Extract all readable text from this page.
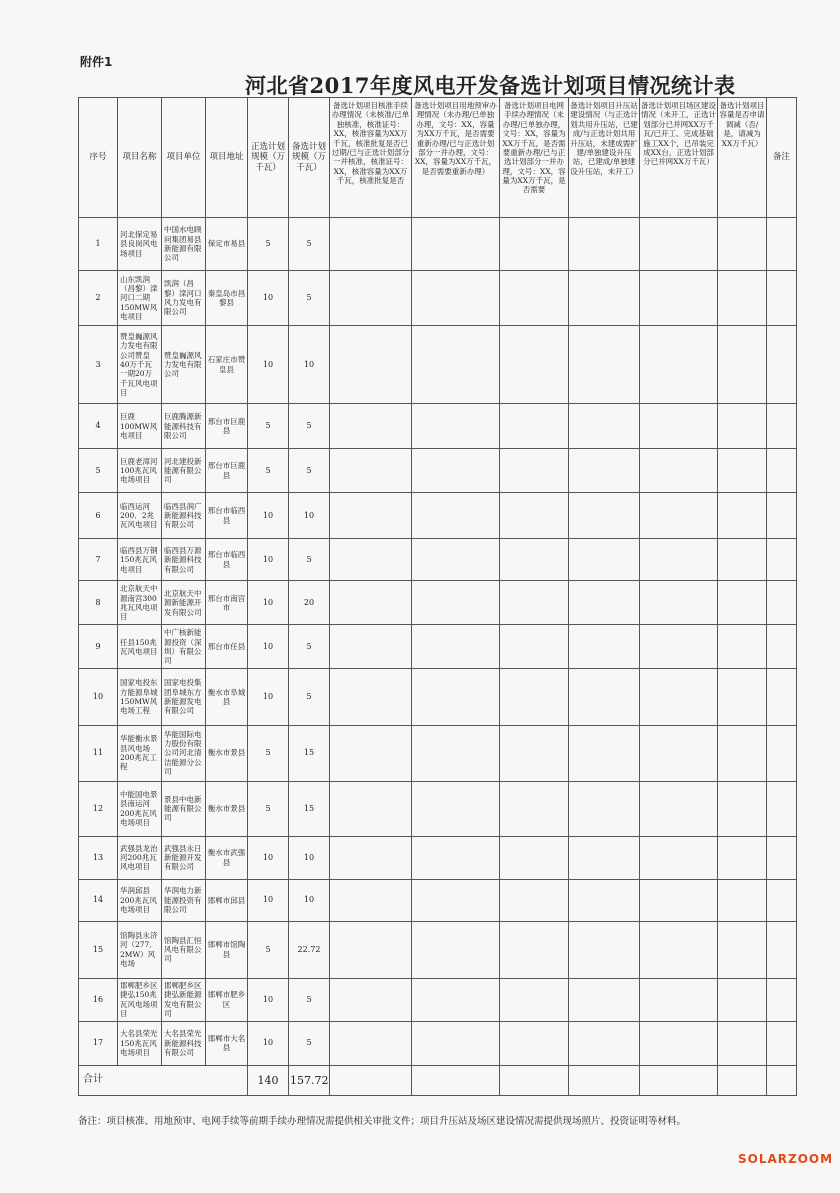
附件1
河北省2017年度风电开发备选计划项目情况统计表
序号	项目名称	项目单位	项目地址	正选计划规模（万千瓦）	备选计划规模（万千瓦）	备选计划项目核准手续办理情况（未核准/已单独核准，核准证号：XX，核准容量为XX万千瓦，核准批复是否已过期/已与正选计划部分一并核准，核准证号：XX，核准容量为XX万千瓦，核准批复是否	备选计划项目用地预审办理情况（未办理/已单独办理，文号：XX，容量为XX万千瓦，是否需要重新办理/已与正选计划部分一并办理，文号：XX，容量为XX万千瓦，是否需要重新办理）	备选计划项目电网手续办理情况（未办理/已单独办理，文号：XX，容量为XX万千瓦，是否需要重新办理/已与正选计划部分一并办理，文号：XX，容量为XX万千瓦，是否需要	备选计划项目升压站建设情况（与正选计划共用升压站，已建成/与正选计划共用升压站，未建成需扩建/单独建设升压站，已建成/单独建设升压站，未开工）	备选计划项目场区建设情况（未开工，正选计划部分已并网XX万千瓦/已开工、完成基础施工XX个，已吊装完成XX台，正选计划部分已并网XX万千瓦）	备选计划项目容量是否申请调减（否/是，请减为XX万千瓦）	备注
1	河北保定易县良岗风电场项目	中国水电顾问集团易县新能源有限公司	保定市易县	5	5							
2	山东凯润（昌黎）滦河口二期150MW风电项目	凯润（昌黎）滦河口风力发电有限公司	秦皇岛市昌黎县	10	5							
3	赞皇巍源风力发电有限公司赞皇40万千瓦一期20万千瓦风电项目	赞皇巍源风力发电有限公司	石家庄市赞皇县	10	10							
4	巨鹿100MW风电项目	巨鹿腾源新能源科技有限公司	邢台市巨鹿县	5	5							
5	巨鹿老漳河100兆瓦风电场项目	河北建投新能源有限公司	邢台市巨鹿县	5	5							
6	临西运河200．2兆瓦风电项目	临西县润广新能源科技有限公司	邢台市临西县	10	10							
7	临西县万钢150兆瓦风电项目	临西县万源新能源科技有限公司	邢台市临西县	10	5							
8	北京航天中源南宫300兆瓦风电项目	北京航天中源新能源开发有限公司	邢台市南宫市	10	20							
9	任县150兆瓦风电项目	中广核新能源投资（深圳）有限公司	邢台市任县	10	5							
10	国家电投东方能源阜城150MW风电场工程	国家电投集团阜城东方新能源发电有限公司	衡水市阜城县	10	5							
11	华能衡水景县风电场200兆瓦工程	华能国际电力股份有限公司河北清洁能源分公司	衡水市景县	5	15							
12	中能国电景县南运河200兆瓦风电场项目	景县中电新能源有限公司	衡水市景县	5	15							
13	武强县龙治河200兆瓦风电项目	武强县永日新能源开发有限公司	衡水市武强县	10	10							
14	华润邱县200兆瓦风电场项目	华润电力新能源投资有限公司	邯郸市邱县	10	10							
15	馆陶县永济河（277．2MW）风电场	馆陶县汇恒风电有限公司	邯郸市馆陶县	5	22.72							
16	邯郸肥乡区捷弘150兆瓦风电场项目	邯郸肥乡区捷弘新能源发电有限公司	邯郸市肥乡区	10	5							
17	大名县荣光150兆瓦风电场项目	大名县荣光新能源科技有限公司	邯郸市大名县	10	5							
合计				140	157.72							
备注：项目核准、用地预审、电网手续等前期手续办理情况需提供相关审批文件；项目升压站及场区建设情况需提供现场照片、投资证明等材料。
SOLARZOOM
